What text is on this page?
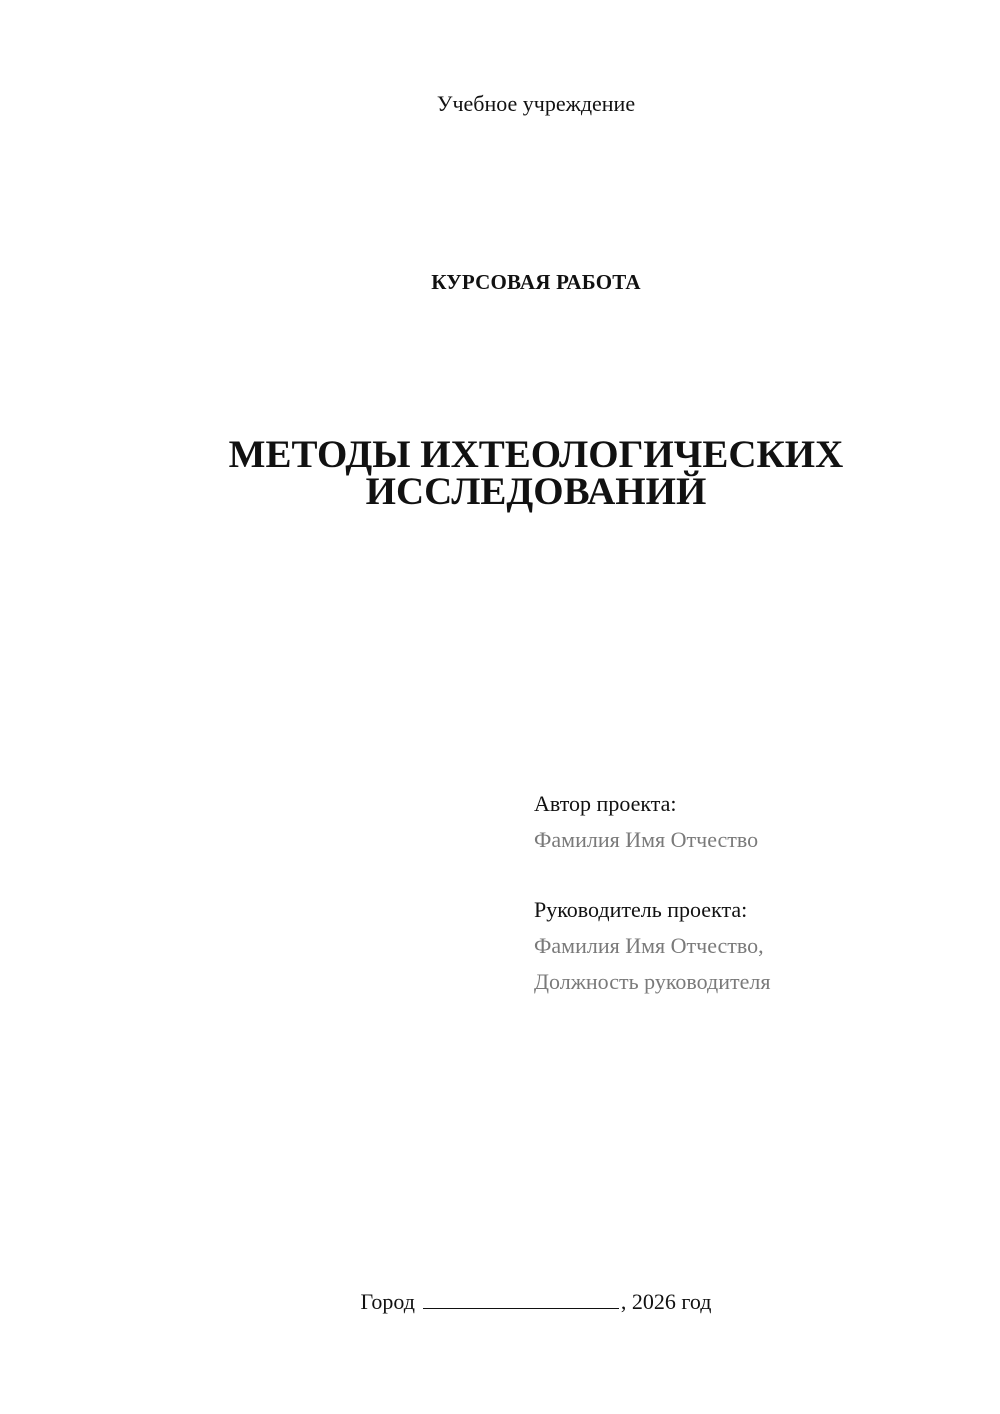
Учебное учреждение
КУРСОВАЯ РАБОТА
МЕТОДЫ ИХТЕОЛОГИЧЕСКИХ
ИССЛЕДОВАНИЙ
Автор проекта:
Фамилия Имя Отчество
Руководитель проекта:
Фамилия Имя Отчество,
Должность руководителя
Город	, 2026 год
